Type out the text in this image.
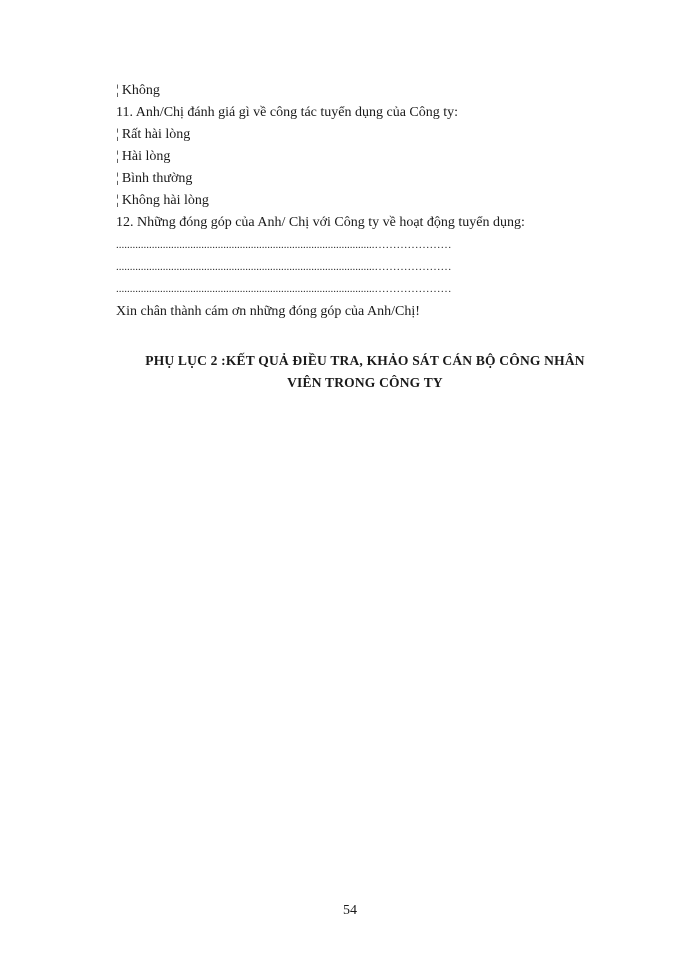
¦ Không
11. Anh/Chị đánh giá gì về công tác tuyển dụng của Công ty:
¦ Rất hài lòng
¦ Hài lòng
¦ Bình thường
¦ Không hài lòng
12. Những đóng góp của Anh/ Chị với Công ty về hoạt động tuyển dụng:
..............................................................................................…………………
..............................................................................................…………………
..............................................................................................…………………
Xin chân thành cám ơn những đóng góp của Anh/Chị!
PHỤ LỤC 2 :KẾT QUẢ ĐIỀU TRA, KHẢO SÁT CÁN BỘ CÔNG NHÂN
VIÊN TRONG CÔNG TY
54
